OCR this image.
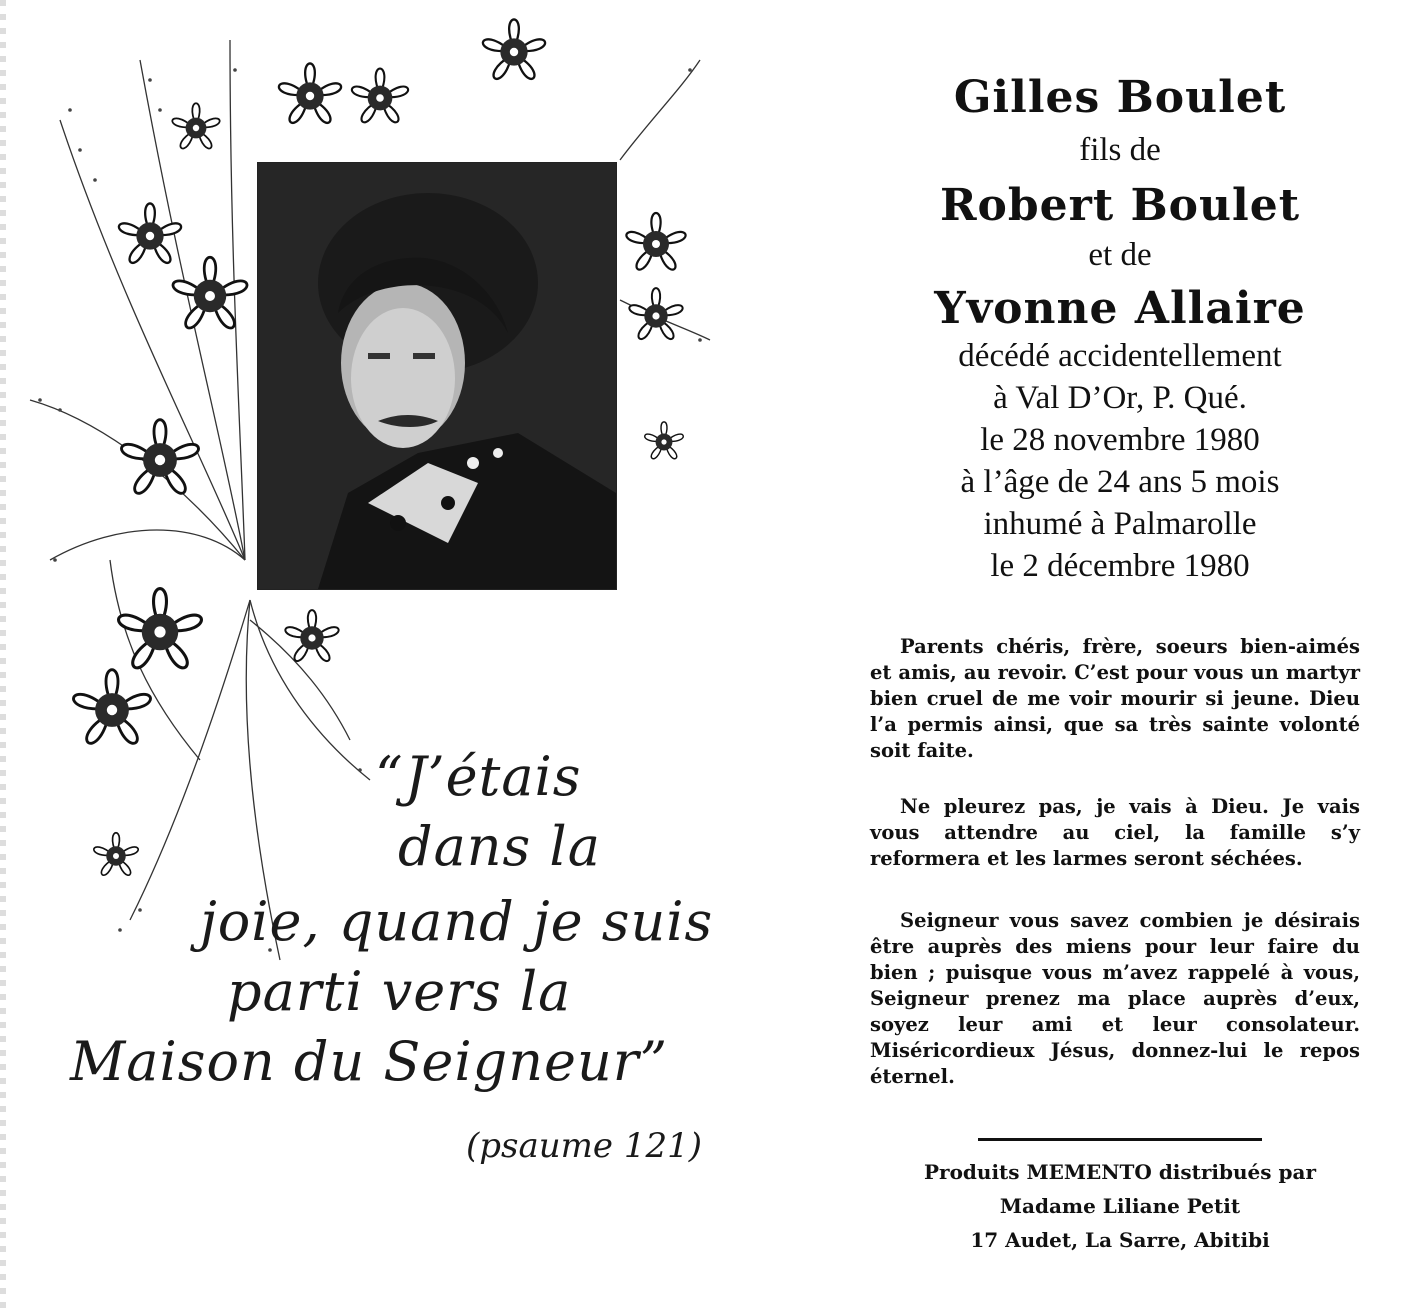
“J’étais
dans la
joie, quand je suis
parti vers la
Maison du Seigneur”
(psaume 121)
Gilles Boulet
fils de
Robert Boulet
et de
Yvonne Allaire
décédé accidentellement
à Val D’Or, P. Qué.
le 28 novembre 1980
à l’âge de 24 ans 5 mois
inhumé à Palmarolle
le 2 décembre 1980

Parents chéris, frère, soeurs bien-aimés et amis, au revoir. C’est pour vous un martyr bien cruel de me voir mourir si jeune. Dieu l’a permis ainsi, que sa très sainte volonté soit faite.

Ne pleurez pas, je vais à Dieu. Je vais vous attendre au ciel, la famille s’y reformera et les larmes seront séchées.

Seigneur vous savez combien je désirais être auprès des miens pour leur faire du bien ; puisque vous m’avez rappelé à vous, Seigneur prenez ma place auprès d’eux, soyez leur ami et leur consolateur. Miséricordieux Jésus, donnez-lui le repos éternel.

Produits MEMENTO distribués par
Madame Liliane Petit
17 Audet, La Sarre, Abitibi
